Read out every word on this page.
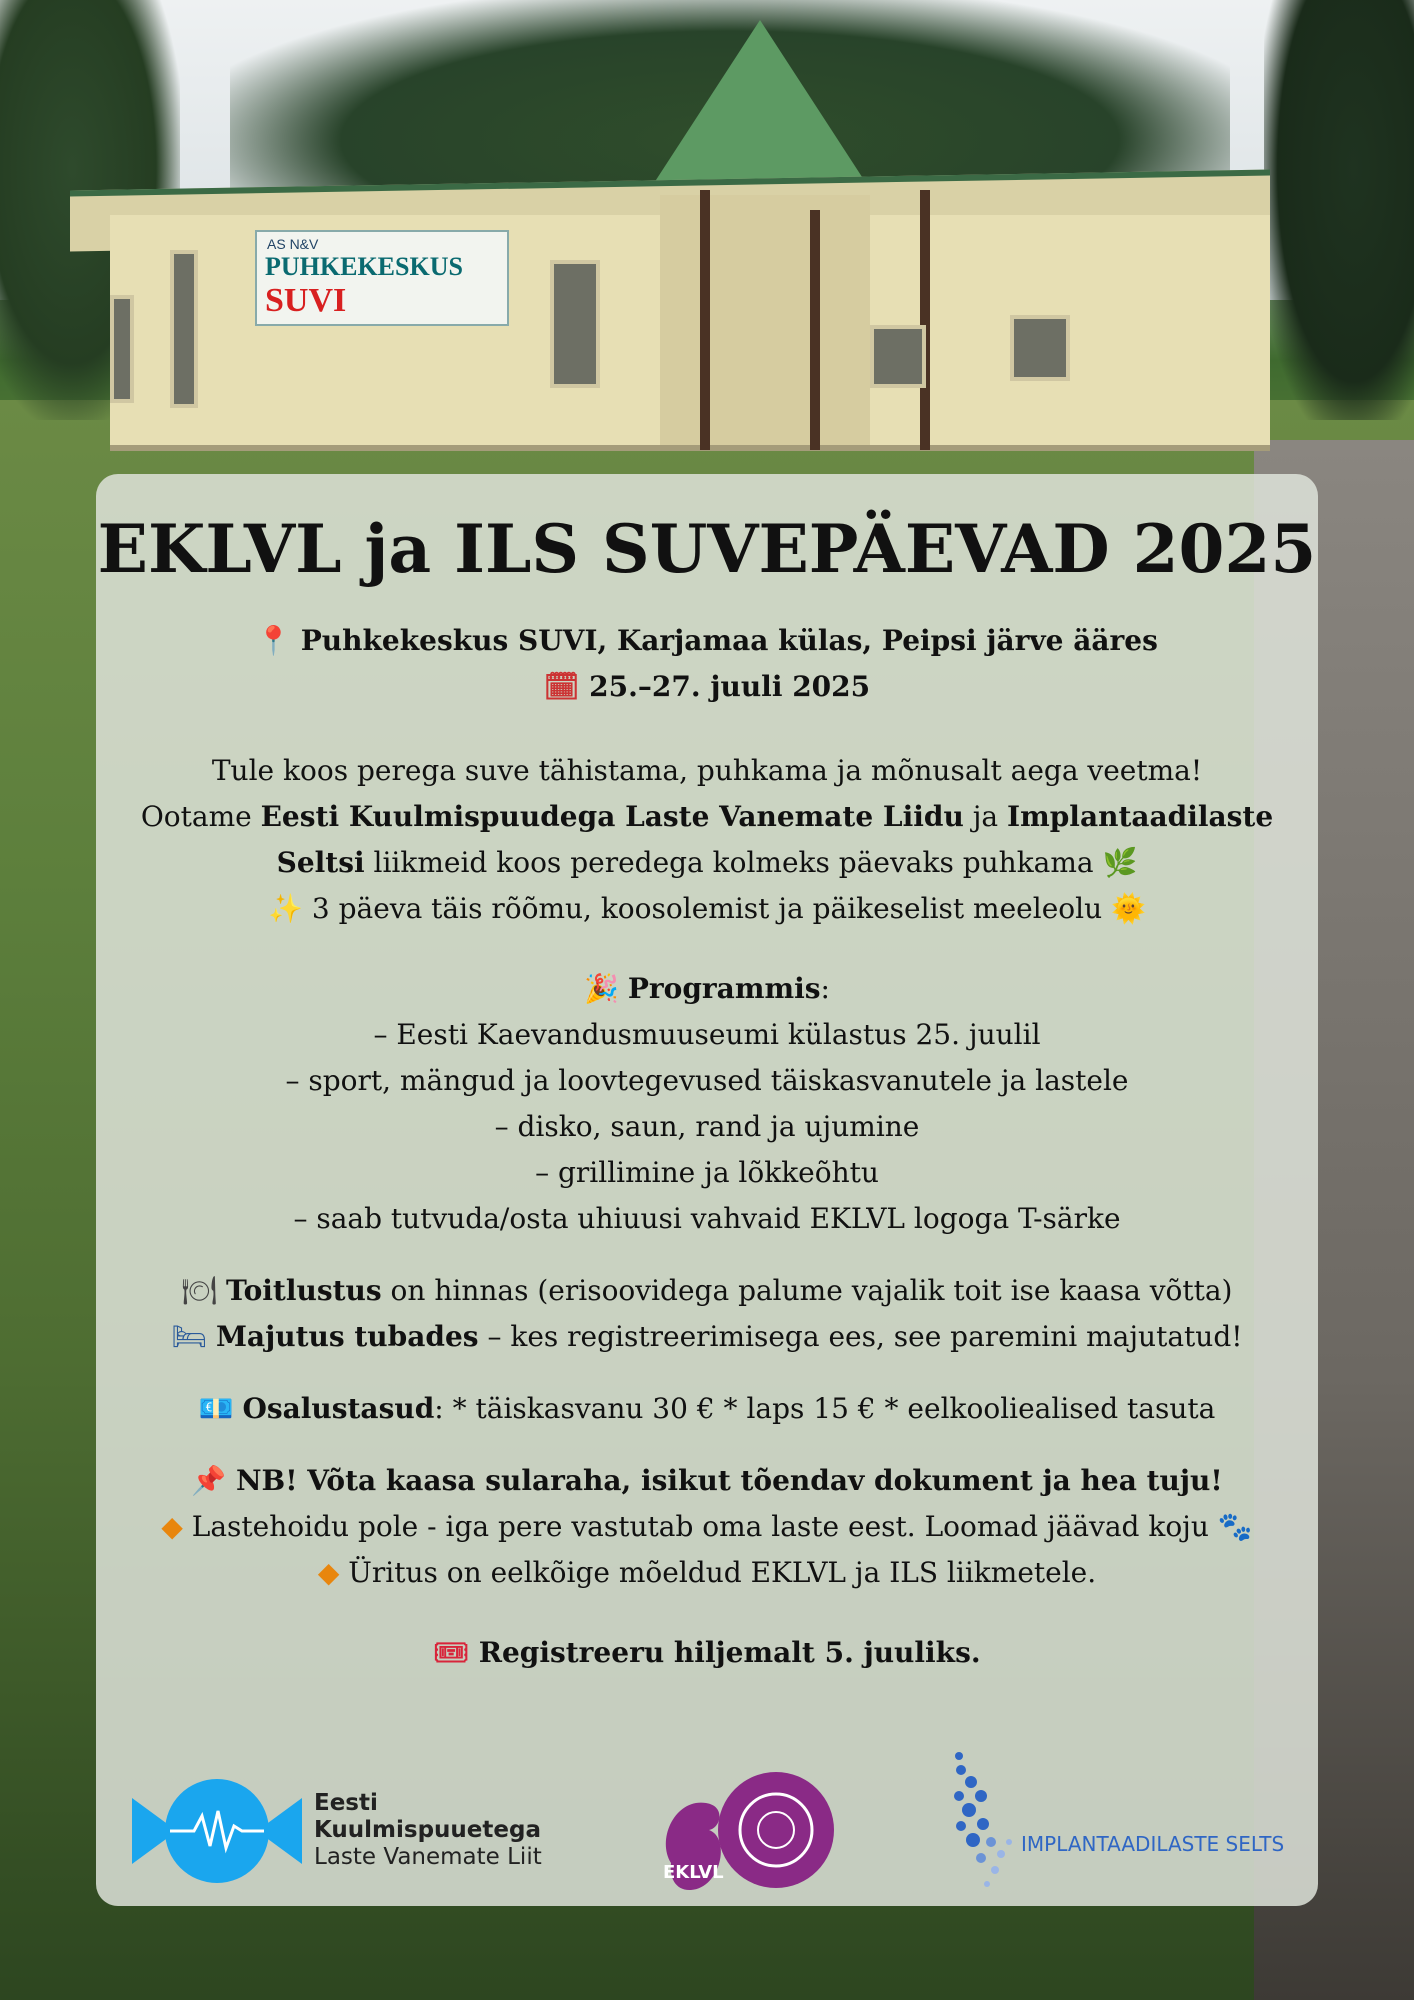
AS N&V
PUHKEKESKUS SUVI
EKLVL ja ILS SUVEPÄEVAD 2025
📍 Puhkekeskus SUVI, Karjamaa külas, Peipsi järve ääres
🗓 25.–27. juuli 2025
Tule koos perega suve tähistama, puhkama ja mõnusalt aega veetma!
Ootame Eesti Kuulmispuudega Laste Vanemate Liidu ja Implantaadilaste
Seltsi liikmeid koos peredega kolmeks päevaks puhkama 🌿
✨ 3 päeva täis rõõmu, koosolemist ja päikeselist meeleolu 🌞
🎉 Programmis:
– Eesti Kaevandusmuuseumi külastus 25. juulil
– sport, mängud ja loovtegevused täiskasvanutele ja lastele
– disko, saun, rand ja ujumine
– grillimine ja lõkkeõhtu
– saab tutvuda/osta uhiuusi vahvaid EKLVL logoga T-särke
🍽 Toitlustus on hinnas (erisoovidega palume vajalik toit ise kaasa võtta)
🛏 Majutus tubades – kes registreerimisega ees, see paremini majutatud!
💶 Osalustasud: * täiskasvanu 30 € * laps 15 € * eelkooliealised tasuta
📌 NB! Võta kaasa sularaha, isikut tõendav dokument ja hea tuju!
◆ Lastehoidu pole - iga pere vastutab oma laste eest. Loomad jäävad koju 🐾
◆ Üritus on eelkõige mõeldud EKLVL ja ILS liikmetele.
🎟 Registreeru hiljemalt 5. juuliks.
Eesti
Kuulmispuuetega
Laste Vanemate Liit
EKLVL
IMPLANTAADILASTE SELTS
